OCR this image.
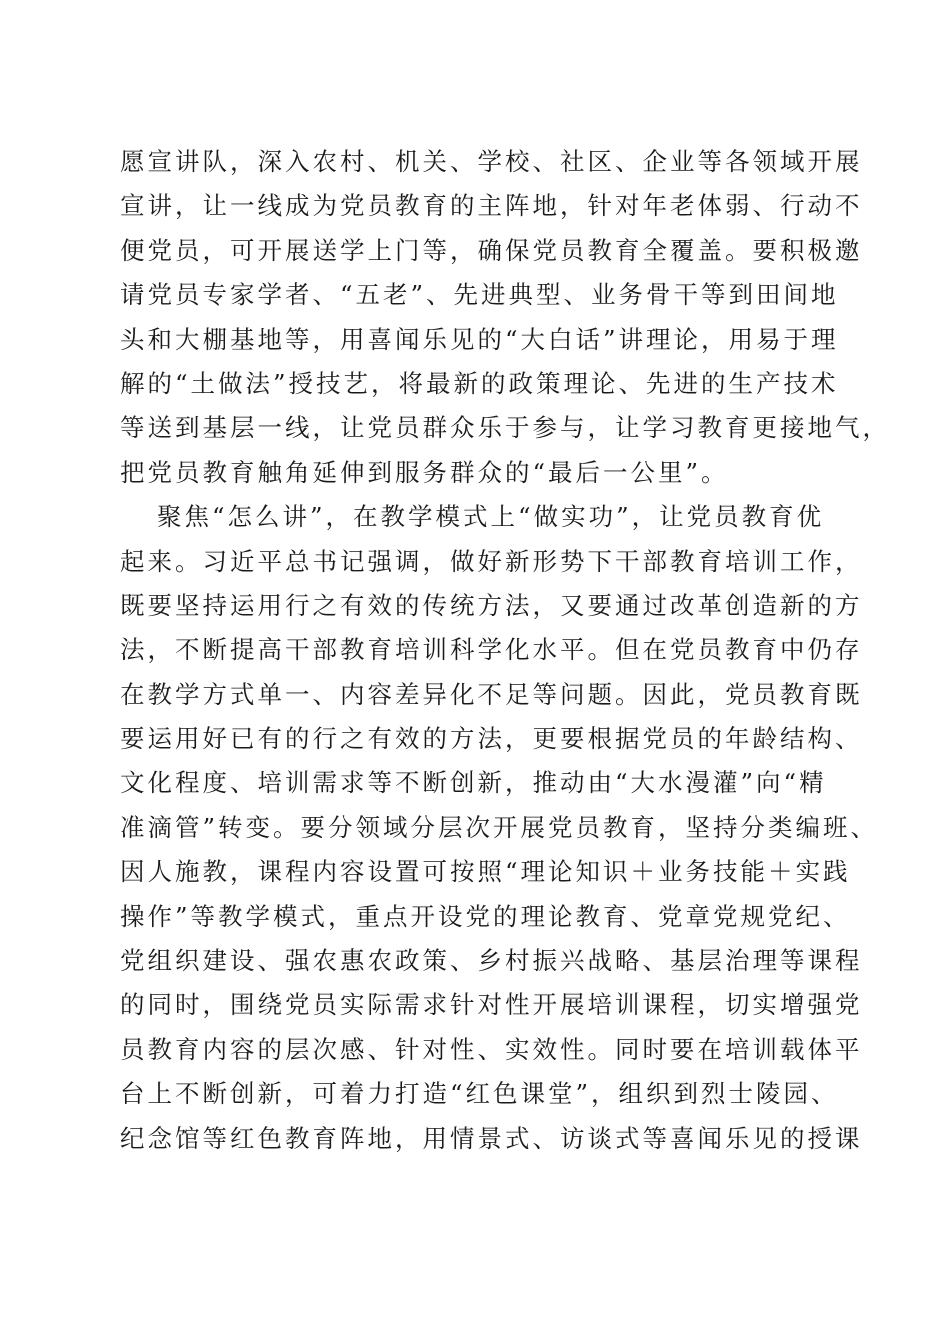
愿宣讲队，深入农村、机关、学校、社区、企业等各领域开展
宣讲，让一线成为党员教育的主阵地，针对年老体弱、行动不
便党员，可开展送学上门等，确保党员教育全覆盖。要积极邀
请党员专家学者、“五老”、先进典型、业务骨干等到田间地
头和大棚基地等，用喜闻乐见的“大白话”讲理论，用易于理
解的“土做法”授技艺，将最新的政策理论、先进的生产技术
等送到基层一线，让党员群众乐于参与，让学习教育更接地气，
把党员教育触角延伸到服务群众的“最后一公里”。
聚焦“怎么讲”，在教学模式上“做实功”，让党员教育优
起来。习近平总书记强调，做好新形势下干部教育培训工作，
既要坚持运用行之有效的传统方法，又要通过改革创造新的方
法，不断提高干部教育培训科学化水平。但在党员教育中仍存
在教学方式单一、内容差异化不足等问题。因此，党员教育既
要运用好已有的行之有效的方法，更要根据党员的年龄结构、
文化程度、培训需求等不断创新，推动由“大水漫灌”向“精
准滴管”转变。要分领域分层次开展党员教育，坚持分类编班、
因人施教，课程内容设置可按照“理论知识＋业务技能＋实践
操作”等教学模式，重点开设党的理论教育、党章党规党纪、
党组织建设、强农惠农政策、乡村振兴战略、基层治理等课程
的同时，围绕党员实际需求针对性开展培训课程，切实增强党
员教育内容的层次感、针对性、实效性。同时要在培训载体平
台上不断创新，可着力打造“红色课堂”，组织到烈士陵园、
纪念馆等红色教育阵地，用情景式、访谈式等喜闻乐见的授课
